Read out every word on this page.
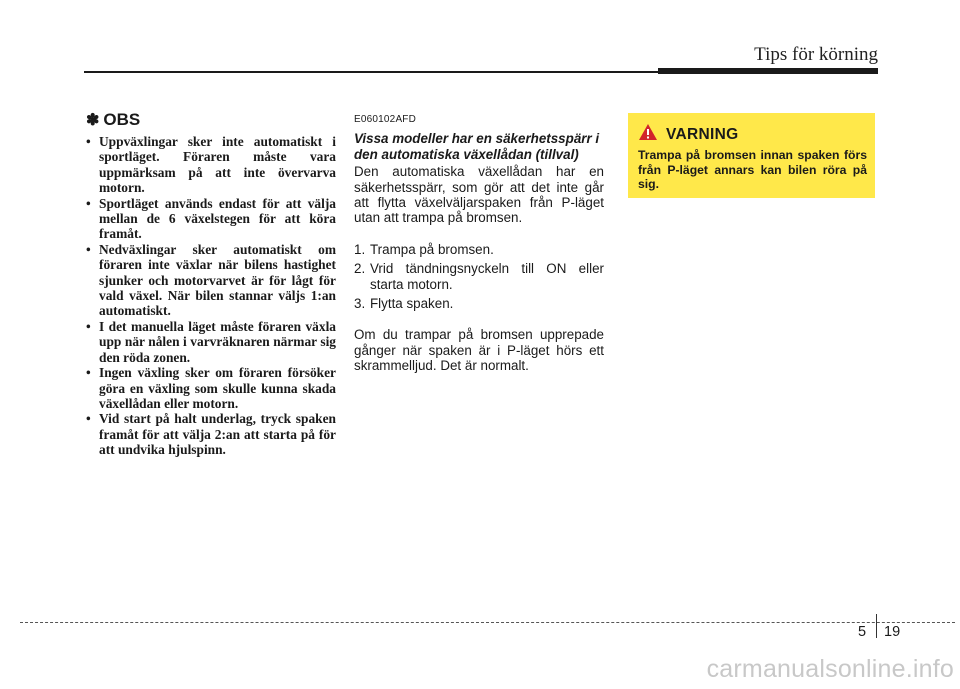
Tips för körning
✽ OBS
• Uppväxlingar sker inte automatiskt i sportläget. Föraren måste vara uppmärksam på att inte övervarva motorn.
• Sportläget används endast för att välja mellan de 6 växelstegen för att köra framåt.
• Nedväxlingar sker automatiskt om föraren inte växlar när bilens hastighet sjunker och motorvarvet är för lågt för vald växel. När bilen stannar väljs 1:an automatiskt.
• I det manuella läget måste föraren växla upp när nålen i varvräknaren närmar sig den röda zonen.
• Ingen växling sker om föraren försöker göra en växling som skulle kunna skada växellådan eller motorn.
• Vid start på halt underlag, tryck spaken framåt för att välja 2:an att starta på för att undvika hjulspinn.

E060102AFD

Vissa modeller har en säkerhetsspärr i den automatiska växellådan (tillval)

Den automatiska växellådan har en säkerhetsspärr, som gör att det inte går att flytta växelväljarspaken från P-läget utan att trampa på bromsen.

1. Trampa på bromsen.
2. Vrid tändningsnyckeln till ON eller starta motorn.
3. Flytta spaken.

Om du trampar på bromsen upprepade gånger när spaken är i P-läget hörs ett skrammelljud. Det är normalt.

VARNING
Trampa på bromsen innan spaken förs från P-läget annars kan bilen röra på sig.
5 19
carmanualsonline.info
